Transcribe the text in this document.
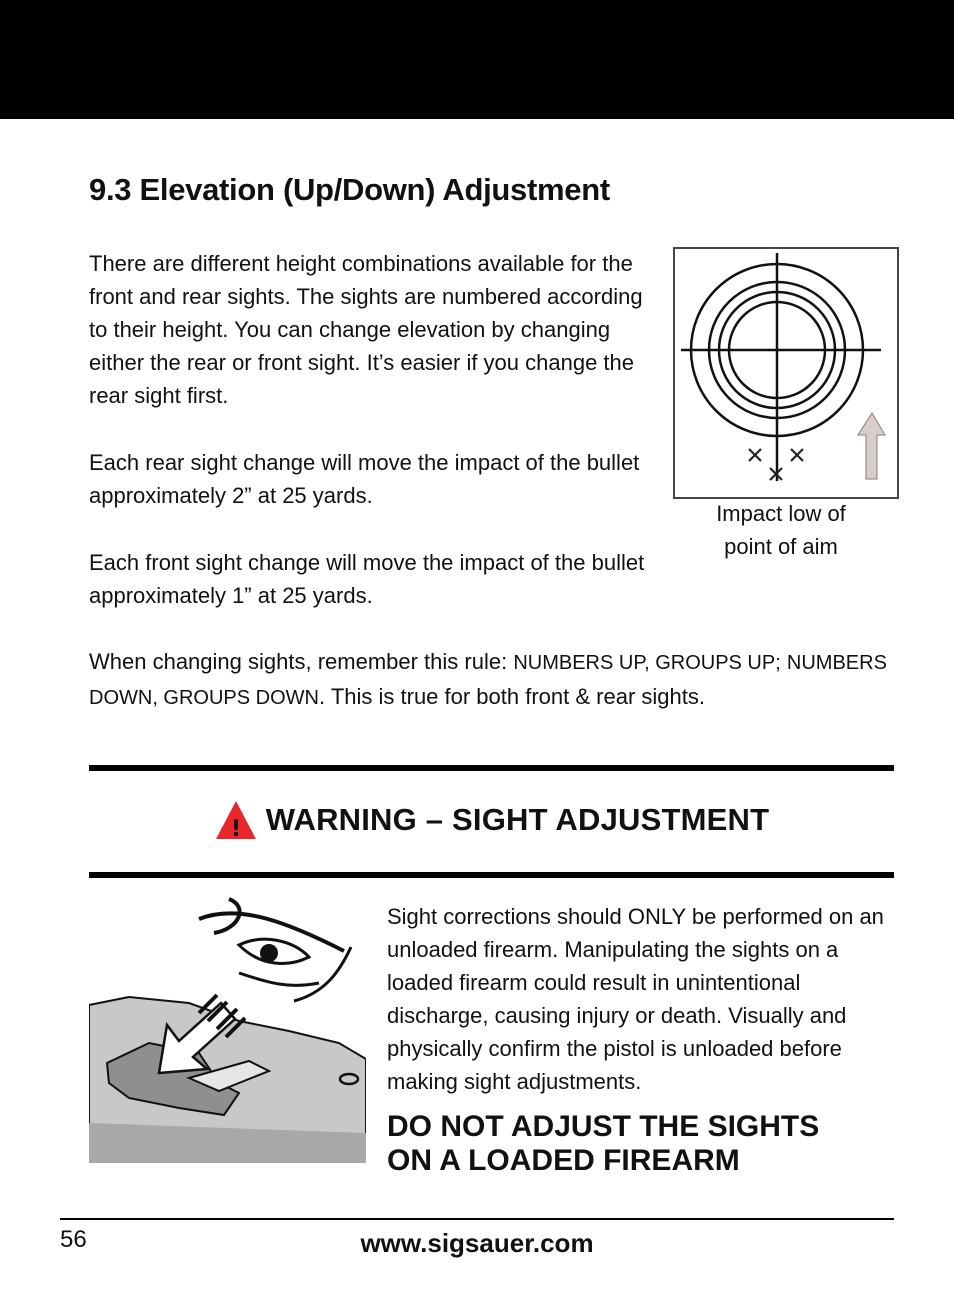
9.3 Elevation (Up/Down) Adjustment

There are different height combinations available for the front and rear sights. The sights are numbered according to their height. You can change elevation by changing either the rear or front sight. It’s easier if you change the rear sight first.

Each rear sight change will move the impact of the bullet approximately 2” at 25 yards.

Each front sight change will move the impact of the bullet approximately 1” at 25 yards.

When changing sights, remember this rule: NUMBERS UP, GROUPS UP; NUMBERS DOWN, GROUPS DOWN. This is true for both front & rear sights.

Impact low of
point of aim
! WARNING – SIGHT ADJUSTMENT

Sight corrections should ONLY be performed on an unloaded firearm. Manipulating the sights on a loaded firearm could result in unintentional discharge, causing injury or death. Visually and physically confirm the pistol is unloaded before making sight adjustments.

DO NOT ADJUST THE SIGHTS
ON A LOADED FIREARM
56	www.sigsauer.com
